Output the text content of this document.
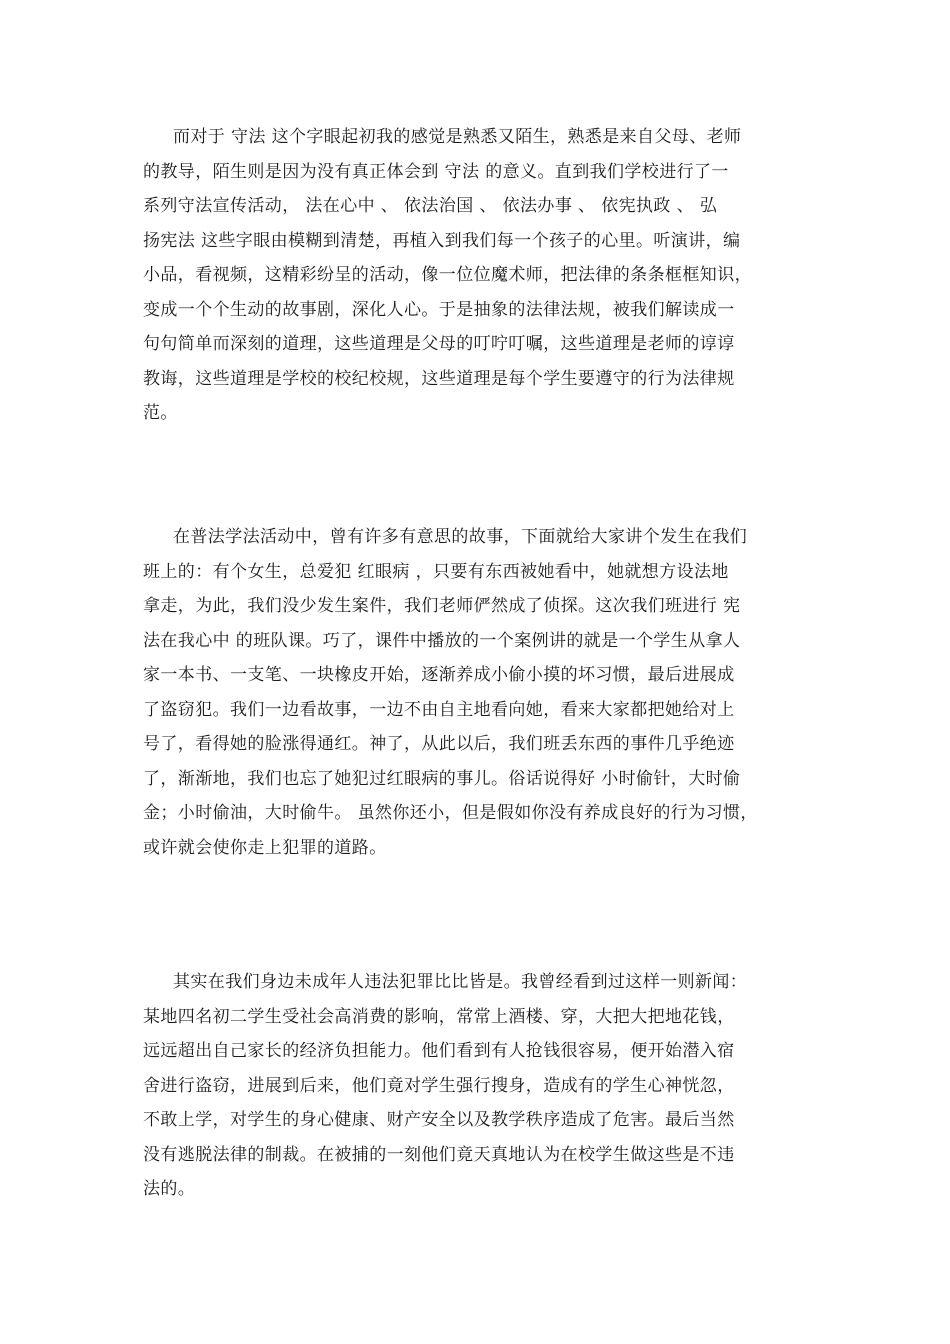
而对于 守法 这个字眼起初我的感觉是熟悉又陌生，熟悉是来自父母、老师
的教导，陌生则是因为没有真正体会到 守法 的意义。直到我们学校进行了一
系列守法宣传活动， 法在心中 、 依法治国 、 依法办事 、 依宪执政 、 弘
扬宪法 这些字眼由模糊到清楚，再植入到我们每一个孩子的心里。听演讲，编
小品，看视频，这精彩纷呈的活动，像一位位魔术师，把法律的条条框框知识，
变成一个个生动的故事剧，深化人心。于是抽象的法律法规，被我们解读成一
句句简单而深刻的道理，这些道理是父母的叮咛叮嘱，这些道理是老师的谆谆
教诲，这些道理是学校的校纪校规，这些道理是每个学生要遵守的行为法律规
范。
在普法学法活动中，曾有许多有意思的故事，下面就给大家讲个发生在我们
班上的：有个女生，总爱犯 红眼病 ，只要有东西被她看中，她就想方设法地
拿走，为此，我们没少发生案件，我们老师俨然成了侦探。这次我们班进行 宪
法在我心中 的班队课。巧了，课件中播放的一个案例讲的就是一个学生从拿人
家一本书、一支笔、一块橡皮开始，逐渐养成小偷小摸的坏习惯，最后进展成
了盗窃犯。我们一边看故事，一边不由自主地看向她，看来大家都把她给对上
号了，看得她的脸涨得通红。神了，从此以后，我们班丢东西的事件几乎绝迹
了，渐渐地，我们也忘了她犯过红眼病的事儿。俗话说得好 小时偷针，大时偷
金；小时偷油，大时偷牛。 虽然你还小，但是假如你没有养成良好的行为习惯，
或许就会使你走上犯罪的道路。
其实在我们身边未成年人违法犯罪比比皆是。我曾经看到过这样一则新闻：
某地四名初二学生受社会高消费的影响，常常上酒楼、穿，大把大把地花钱，
远远超出自己家长的经济负担能力。他们看到有人抢钱很容易，便开始潜入宿
舍进行盗窃，进展到后来，他们竟对学生强行搜身，造成有的学生心神恍忽，
不敢上学，对学生的身心健康、财产安全以及教学秩序造成了危害。最后当然
没有逃脱法律的制裁。在被捕的一刻他们竟天真地认为在校学生做这些是不违
法的。
